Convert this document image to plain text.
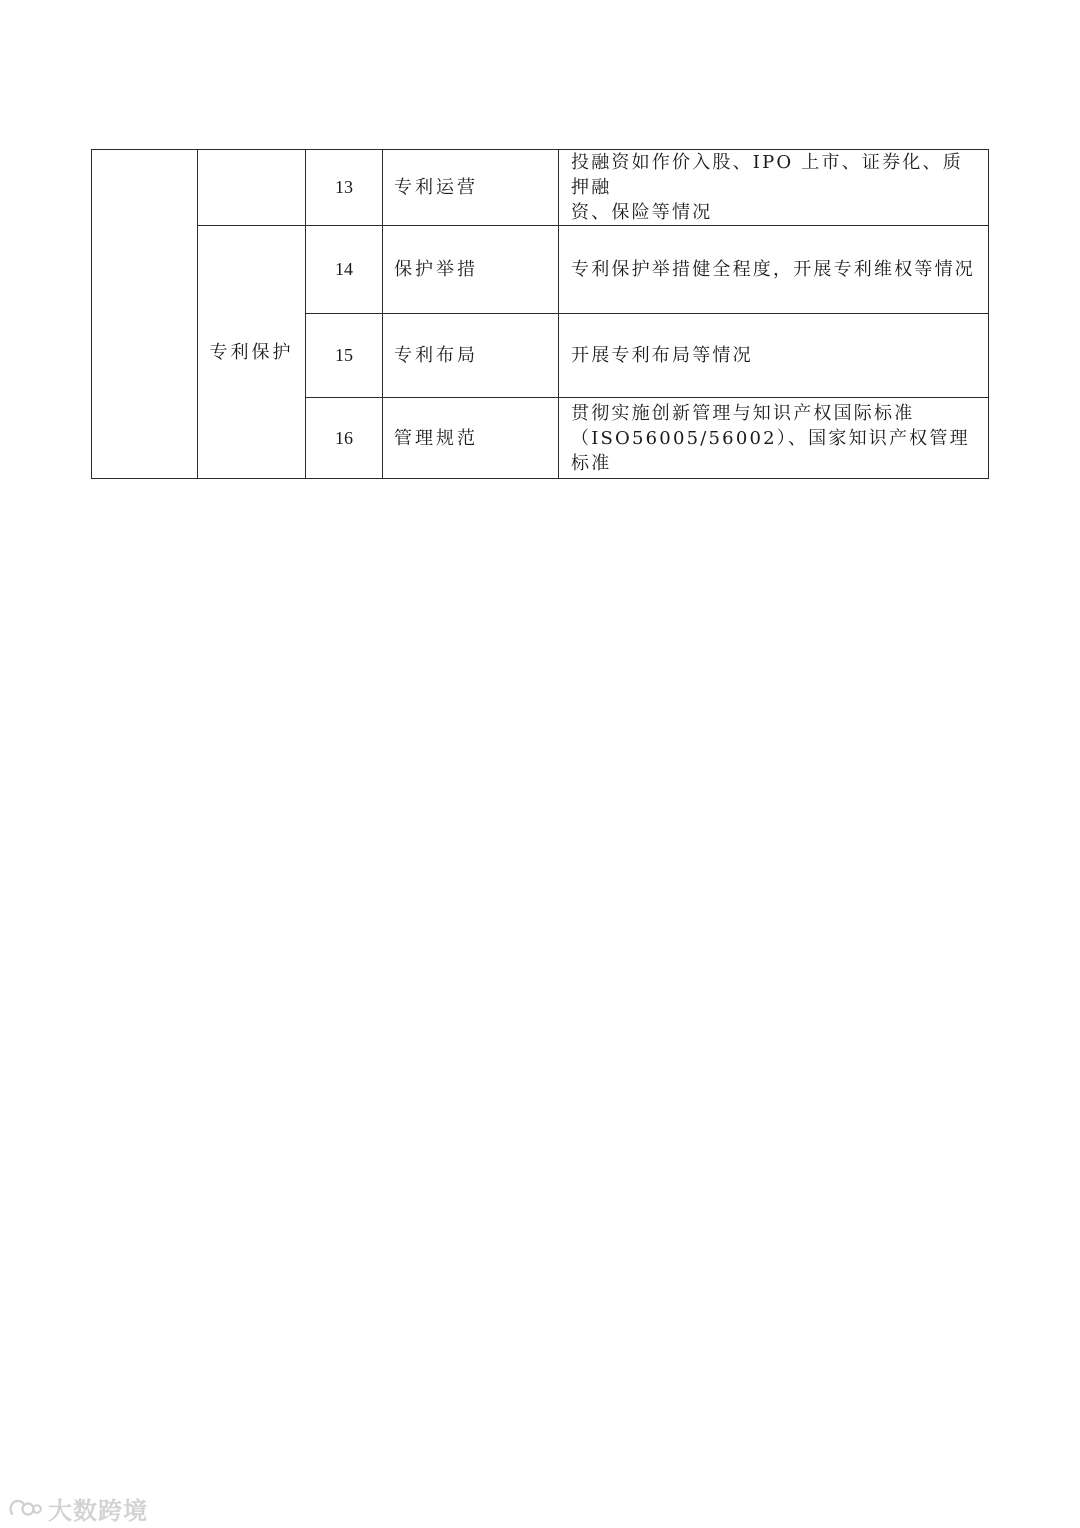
		13	专利运营	投融资如作价入股、IPO 上市、证券化、质押融
资、保险等情况

	专利保护	14	保护举措	专利保护举措健全程度，开展专利维权等情况

		15	专利布局	开展专利布局等情况

		16	管理规范	贯彻实施创新管理与知识产权国际标准
（ISO56005/56002）、国家知识产权管理标准
大数跨境
